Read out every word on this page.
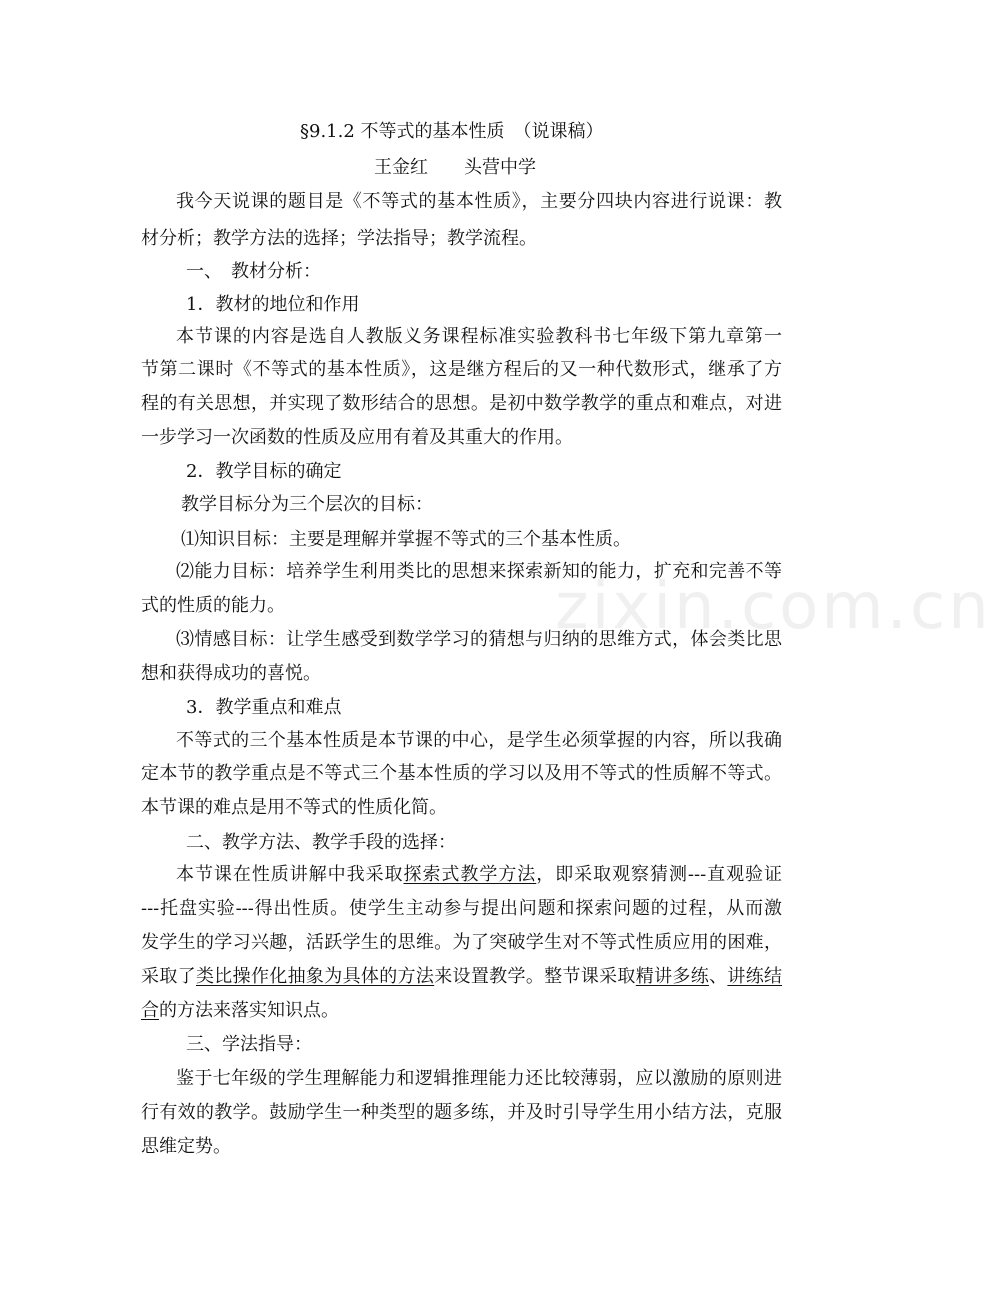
zixin.com.cn
§9.1.2 不等式的基本性质　（说课稿）
王金红　　头营中学
我今天说课的题目是《不等式的基本性质》，主要分四块内容进行说课：教
材分析；教学方法的选择；学法指导；教学流程。
一、　教材分析：
1．教材的地位和作用
本节课的内容是选自人教版义务课程标准实验教科书七年级下第九章第一
节第二课时《不等式的基本性质》，这是继方程后的又一种代数形式，继承了方
程的有关思想，并实现了数形结合的思想。是初中数学教学的重点和难点，对进
一步学习一次函数的性质及应用有着及其重大的作用。
2．教学目标的确定
教学目标分为三个层次的目标：
⑴知识目标：主要是理解并掌握不等式的三个基本性质。
⑵能力目标：培养学生利用类比的思想来探索新知的能力，扩充和完善不等
式的性质的能力。
⑶情感目标：让学生感受到数学学习的猜想与归纳的思维方式，体会类比思
想和获得成功的喜悦。
3．教学重点和难点
不等式的三个基本性质是本节课的中心，是学生必须掌握的内容，所以我确
定本节的教学重点是不等式三个基本性质的学习以及用不等式的性质解不等式。
本节课的难点是用不等式的性质化简。
二、教学方法、教学手段的选择：
本节课在性质讲解中我采取探索式教学方法，即采取观察猜测---直观验证
---托盘实验---得出性质。使学生主动参与提出问题和探索问题的过程，从而激
发学生的学习兴趣，活跃学生的思维。为了突破学生对不等式性质应用的困难，
采取了类比操作化抽象为具体的方法来设置教学。整节课采取精讲多练、讲练结
合的方法来落实知识点。
三、学法指导：
鉴于七年级的学生理解能力和逻辑推理能力还比较薄弱，应以激励的原则进
行有效的教学。鼓励学生一种类型的题多练，并及时引导学生用小结方法，克服
思维定势。
